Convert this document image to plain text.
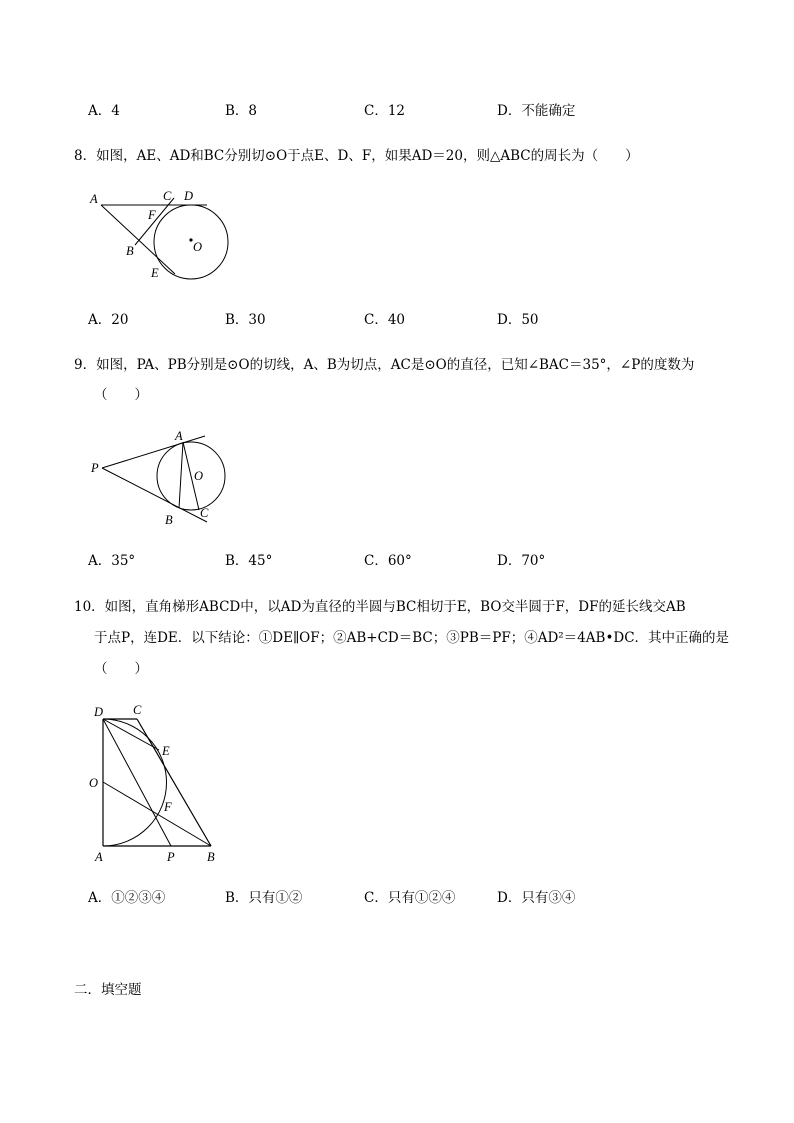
A．4	B．8	C．12	D．不能确定
8．如图，AE、AD和BC分别切⊙O于点E、D、F，如果AD＝20，则△ABC的周长为（　　）
A	C D
F
B	O
E
A．20	B．30	C．40	D．50
9．如图，PA、PB分别是⊙O的切线，A、B为切点，AC是⊙O的直径，已知∠BAC＝35°，∠P的度数为
（　　）
P
A
O
B C
A．35°	B．45°	C．60°	D．70°
10．如图，直角梯形ABCD中，以AD为直径的半圆与BC相切于E，BO交半圆于F，DF的延长线交AB
于点P，连DE．以下结论：①DE∥OF；②AB+CD＝BC；③PB＝PF；④AD²＝4AB•DC．其中正确的是
（　　）
D C
E
O
F
A	P	B
A．①②③④	B．只有①②	C．只有①②④	D．只有③④
二．填空题
